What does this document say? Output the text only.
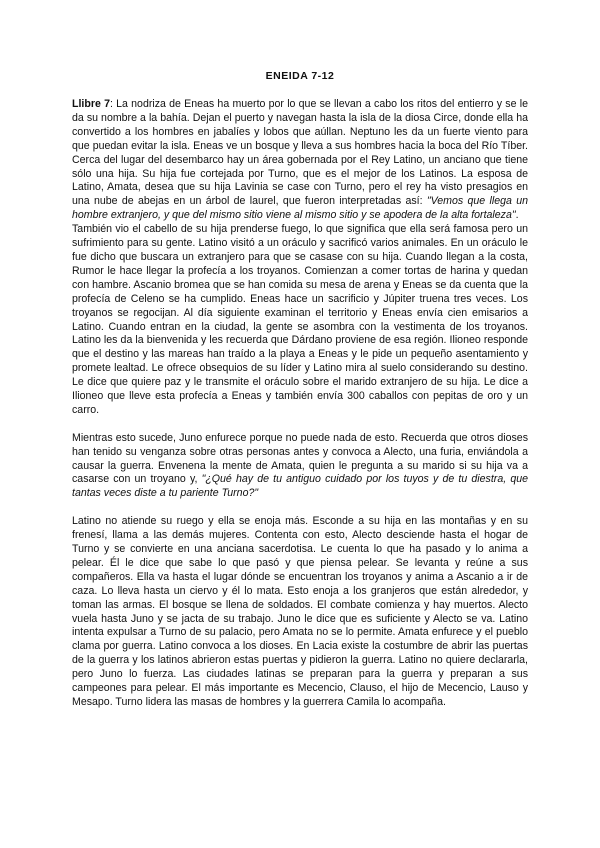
ENEIDA 7-12

Llibre 7: La nodriza de Eneas ha muerto por lo que se llevan a cabo los ritos del entierro y se le da su nombre a la bahía. Dejan el puerto y navegan hasta la isla de la diosa Circe, donde ella ha convertido a los hombres en jabalíes y lobos que aúllan. Neptuno les da un fuerte viento para que puedan evitar la isla. Eneas ve un bosque y lleva a sus hombres hacia la boca del Río Tíber. Cerca del lugar del desembarco hay un área gobernada por el Rey Latino, un anciano que tiene sólo una hija. Su hija fue cortejada por Turno, que es el mejor de los Latinos. La esposa de Latino, Amata, desea que su hija Lavinia se case con Turno, pero el rey ha visto presagios en una nube de abejas en un árbol de laurel, que fueron interpretadas así: "Vemos que llega un hombre extranjero, y que del mismo sitio viene al mismo sitio y se apodera de la alta fortaleza".

También vio el cabello de su hija prenderse fuego, lo que significa que ella será famosa pero un sufrimiento para su gente. Latino visitó a un oráculo y sacrificó varios animales. En un oráculo le fue dicho que buscara un extranjero para que se casase con su hija. Cuando llegan a la costa, Rumor le hace llegar la profecía a los troyanos. Comienzan a comer tortas de harina y quedan con hambre. Ascanio bromea que se han comida su mesa de arena y Eneas se da cuenta que la profecía de Celeno se ha cumplido. Eneas hace un sacrificio y Júpiter truena tres veces. Los troyanos se regocijan. Al día siguiente examinan el territorio y Eneas envía cien emisarios a Latino. Cuando entran en la ciudad, la gente se asombra con la vestimenta de los troyanos. Latino les da la bienvenida y les recuerda que Dárdano proviene de esa región. Ilioneo responde que el destino y las mareas han traído a la playa a Eneas y le pide un pequeño asentamiento y promete lealtad. Le ofrece obsequios de su líder y Latino mira al suelo considerando su destino. Le dice que quiere paz y le transmite el oráculo sobre el marido extranjero de su hija. Le dice a Ilioneo que lleve esta profecía a Eneas y también envía 300 caballos con pepitas de oro y un carro.

Mientras esto sucede, Juno enfurece porque no puede nada de esto. Recuerda que otros dioses han tenido su venganza sobre otras personas antes y convoca a Alecto, una furia, enviándola a causar la guerra. Envenena la mente de Amata, quien le pregunta a su marido si su hija va a casarse con un troyano y, "¿Qué hay de tu antiguo cuidado por los tuyos y de tu diestra, que tantas veces diste a tu pariente Turno?"

Latino no atiende su ruego y ella se enoja más. Esconde a su hija en las montañas y en su frenesí, llama a las demás mujeres. Contenta con esto, Alecto desciende hasta el hogar de Turno y se convierte en una anciana sacerdotisa. Le cuenta lo que ha pasado y lo anima a pelear. Él le dice que sabe lo que pasó y que piensa pelear. Se levanta y reúne a sus compañeros. Ella va hasta el lugar dónde se encuentran los troyanos y anima a Ascanio a ir de caza. Lo lleva hasta un ciervo y él lo mata. Esto enoja a los granjeros que están alrededor, y toman las armas. El bosque se llena de soldados. El combate comienza y hay muertos. Alecto vuela hasta Juno y se jacta de su trabajo. Juno le dice que es suficiente y Alecto se va. Latino intenta expulsar a Turno de su palacio, pero Amata no se lo permite. Amata enfurece y el pueblo clama por guerra. Latino convoca a los dioses. En Lacia existe la costumbre de abrir las puertas de la guerra y los latinos abrieron estas puertas y pidieron la guerra. Latino no quiere declararla, pero Juno lo fuerza. Las ciudades latinas se preparan para la guerra y preparan a sus campeones para pelear. El más importante es Mecencio, Clauso, el hijo de Mecencio, Lauso y Mesapo. Turno lidera las masas de hombres y la guerrera Camila lo acompaña.
